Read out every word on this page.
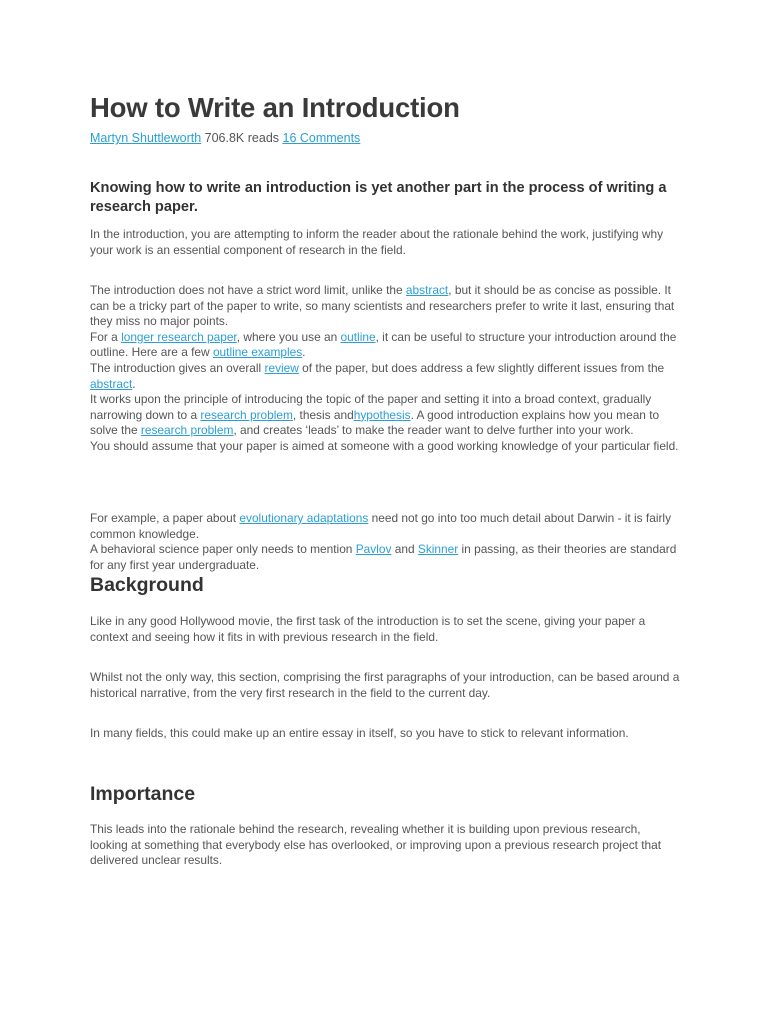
How to Write an Introduction
Martyn Shuttleworth 706.8K reads 16 Comments

Knowing how to write an introduction is yet another part in the process of writing a research paper.

In the introduction, you are attempting to inform the reader about the rationale behind the work, justifying why your work is an essential component of research in the field.

The introduction does not have a strict word limit, unlike the abstract, but it should be as concise as possible. It can be a tricky part of the paper to write, so many scientists and researchers prefer to write it last, ensuring that they miss no major points.
For a longer research paper, where you use an outline, it can be useful to structure your introduction around the outline. Here are a few outline examples.
The introduction gives an overall review of the paper, but does address a few slightly different issues from the abstract.
It works upon the principle of introducing the topic of the paper and setting it into a broad context, gradually narrowing down to a research problem, thesis andhypothesis. A good introduction explains how you mean to solve the research problem, and creates ‘leads’ to make the reader want to delve further into your work.
You should assume that your paper is aimed at someone with a good working knowledge of your particular field.
For example, a paper about evolutionary adaptations need not go into too much detail about Darwin - it is fairly common knowledge.
A behavioral science paper only needs to mention Pavlov and Skinner in passing, as their theories are standard for any first year undergraduate.
Background

Like in any good Hollywood movie, the first task of the introduction is to set the scene, giving your paper a context and seeing how it fits in with previous research in the field.

Whilst not the only way, this section, comprising the first paragraphs of your introduction, can be based around a historical narrative, from the very first research in the field to the current day.

In many fields, this could make up an entire essay in itself, so you have to stick to relevant information.

Importance

This leads into the rationale behind the research, revealing whether it is building upon previous research, looking at something that everybody else has overlooked, or improving upon a previous research project that delivered unclear results.
